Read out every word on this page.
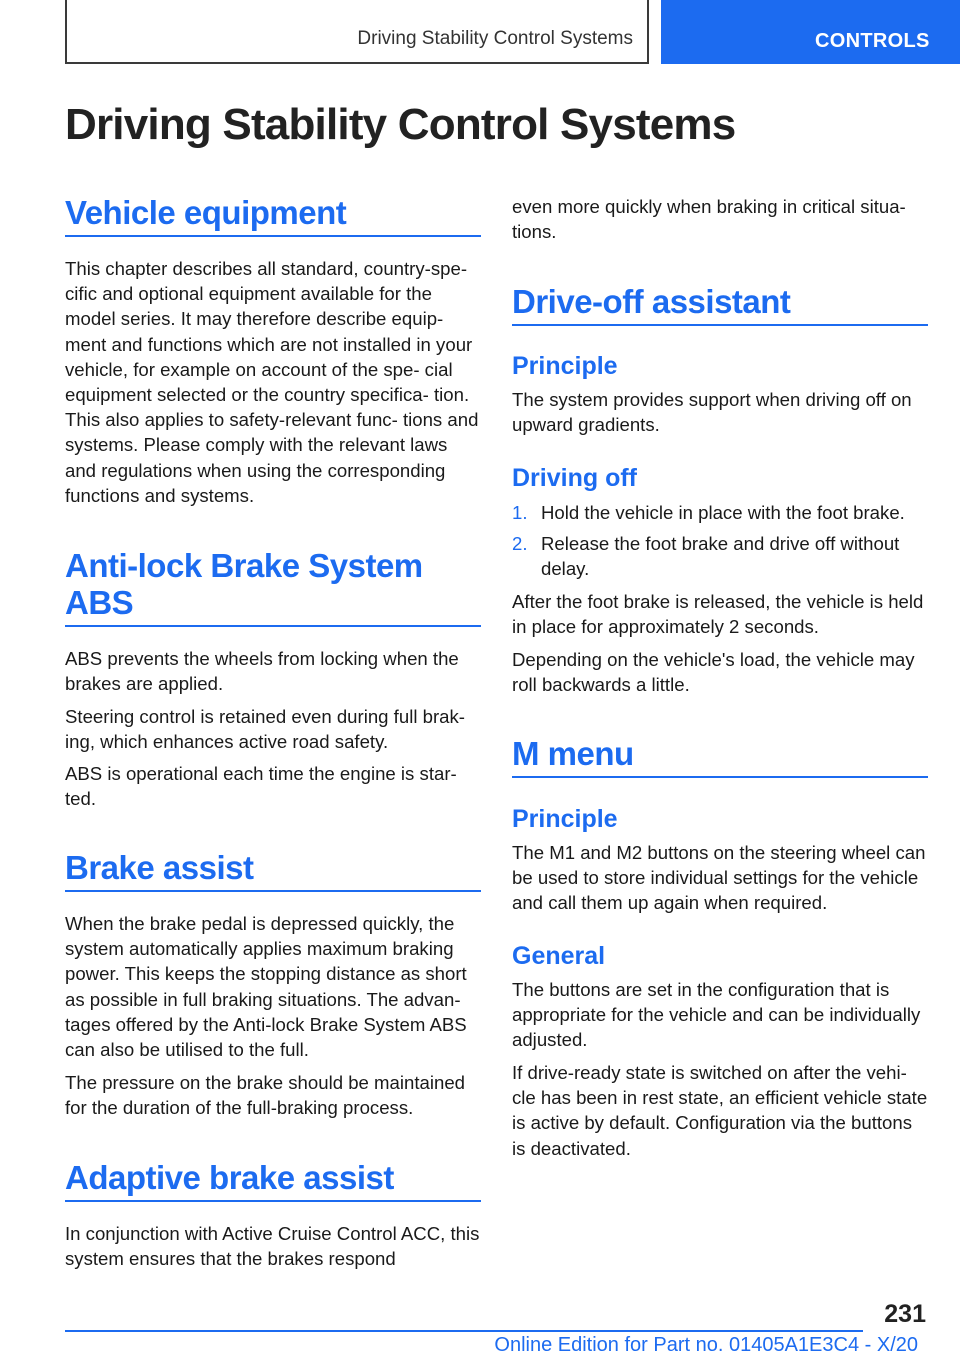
Driving Stability Control Systems	CONTROLS
Driving Stability Control Systems
Vehicle equipment

This chapter describes all standard, country-spe‐ cific and optional equipment available for the model series. It may therefore describe equip‐ ment and functions which are not installed in your vehicle, for example on account of the spe‐ cial equipment selected or the country specifica‐ tion. This also applies to safety-relevant func‐ tions and systems. Please comply with the relevant laws and regulations when using the corresponding functions and systems.

Anti-lock Brake System
ABS

ABS prevents the wheels from locking when the brakes are applied.

Steering control is retained even during full brak‐ ing, which enhances active road safety.

ABS is operational each time the engine is star‐ ted.

Brake assist

When the brake pedal is depressed quickly, the system automatically applies maximum braking power. This keeps the stopping distance as short as possible in full braking situations. The advan‐ tages offered by the Anti-lock Brake System ABS can also be utilised to the full.

The pressure on the brake should be maintained for the duration of the full-braking process.

Adaptive brake assist

In conjunction with Active Cruise Control ACC, this system ensures that the brakes respond

even more quickly when braking in critical situa‐ tions.

Drive-off assistant
Principle

The system provides support when driving off on upward gradients.

Driving off
1. Hold the vehicle in place with the foot brake.
2. Release the foot brake and drive off without delay.

After the foot brake is released, the vehicle is held in place for approximately 2 seconds.

Depending on the vehicle's load, the vehicle may roll backwards a little.

M menu
Principle

The M1 and M2 buttons on the steering wheel can be used to store individual settings for the vehicle and call them up again when required.

General

The buttons are set in the configuration that is appropriate for the vehicle and can be individually adjusted.

If drive-ready state is switched on after the vehi‐ cle has been in rest state, an efficient vehicle state is active by default. Configuration via the buttons is deactivated.

231
Online Edition for Part no. 01405A1E3C4 - X/20
